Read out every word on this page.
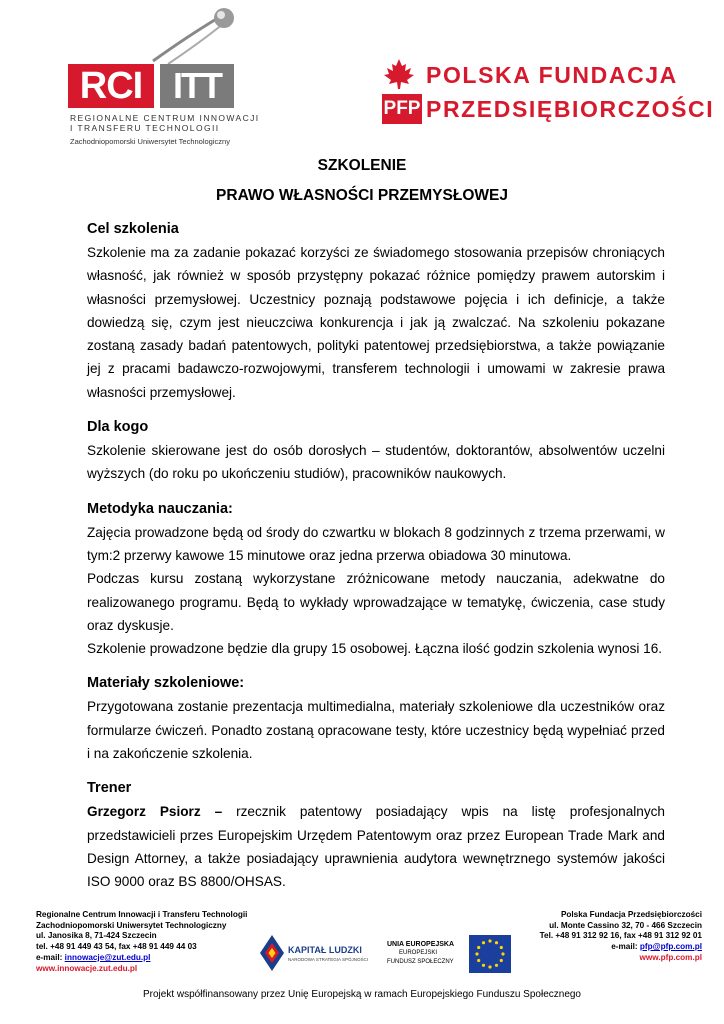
RCI ITT
REGIONALNE CENTRUM INNOWACJI
I TRANSFERU TECHNOLOGII
Zachodniopomorski Uniwersytet Technologiczny
PFP
POLSKA FUNDACJA
PRZEDSIĘBIORCZOŚCI
SZKOLENIE
PRAWO WŁASNOŚCI PRZEMYSŁOWEJ
Cel szkolenia

Szkolenie ma za zadanie pokazać korzyści ze świadomego stosowania przepisów chroniących własność, jak również w sposób przystępny pokazać różnice pomiędzy prawem autorskim i własności przemysłowej. Uczestnicy poznają podstawowe pojęcia i ich definicje, a także dowiedzą się, czym jest nieuczciwa konkurencja i jak ją zwalczać. Na szkoleniu pokazane zostaną zasady badań patentowych, polityki patentowej przedsiębiorstwa, a także powiązanie jej z pracami badawczo-rozwojowymi, transferem technologii i umowami w zakresie prawa własności przemysłowej.

Dla kogo

Szkolenie skierowane jest do osób dorosłych – studentów, doktorantów, absolwentów uczelni wyższych (do roku po ukończeniu studiów), pracowników naukowych.

Metodyka nauczania:

Zajęcia prowadzone będą od środy do czwartku w blokach 8 godzinnych z trzema przerwami, w tym:2 przerwy kawowe 15 minutowe oraz jedna przerwa obiadowa 30 minutowa.

Podczas kursu zostaną wykorzystane zróżnicowane metody nauczania, adekwatne do realizowanego programu. Będą to wykłady wprowadzające w tematykę, ćwiczenia, case study oraz dyskusje.

Szkolenie prowadzone będzie dla grupy 15 osobowej. Łączna ilość godzin szkolenia wynosi 16.

Materiały szkoleniowe:

Przygotowana zostanie prezentacja multimedialna, materiały szkoleniowe dla uczestników oraz formularze ćwiczeń. Ponadto zostaną opracowane testy, które uczestnicy będą wypełniać przed i na zakończenie szkolenia.

Trener

Grzegorz Psiorz – rzecznik patentowy posiadający wpis na listę profesjonalnych przedstawicieli przes Europejskim Urzędem Patentowym oraz przez European Trade Mark and Design Attorney, a także posiadający uprawnienia audytora wewnętrznego systemów jakości ISO 9000 oraz BS 8800/OHSAS.

Regionalne Centrum Innowacji i Transferu Technologii
Zachodniopomorski Uniwersytet Technologiczny
ul. Janosika 8, 71-424 Szczecin
tel. +48 91 449 43 54, fax +48 91 449 44 03
e-mail: innowacje@zut.edu.pl
www.innowacje.zut.edu.pl
KAPITAŁ LUDZKI
NARODOWA STRATEGIA SPÓJNOŚCI
UNIA EUROPEJSKA
EUROPEJSKI
FUNDUSZ SPOŁECZNY
Polska Fundacja Przedsiębiorczości
ul. Monte Cassino 32, 70 - 466 Szczecin
Tel. +48 91 312 92 16, fax +48 91 312 92 01
e-mail: pfp@pfp.com.pl
www.pfp.com.pl
Projekt współfinansowany przez Unię Europejską w ramach Europejskiego Funduszu Społecznego
